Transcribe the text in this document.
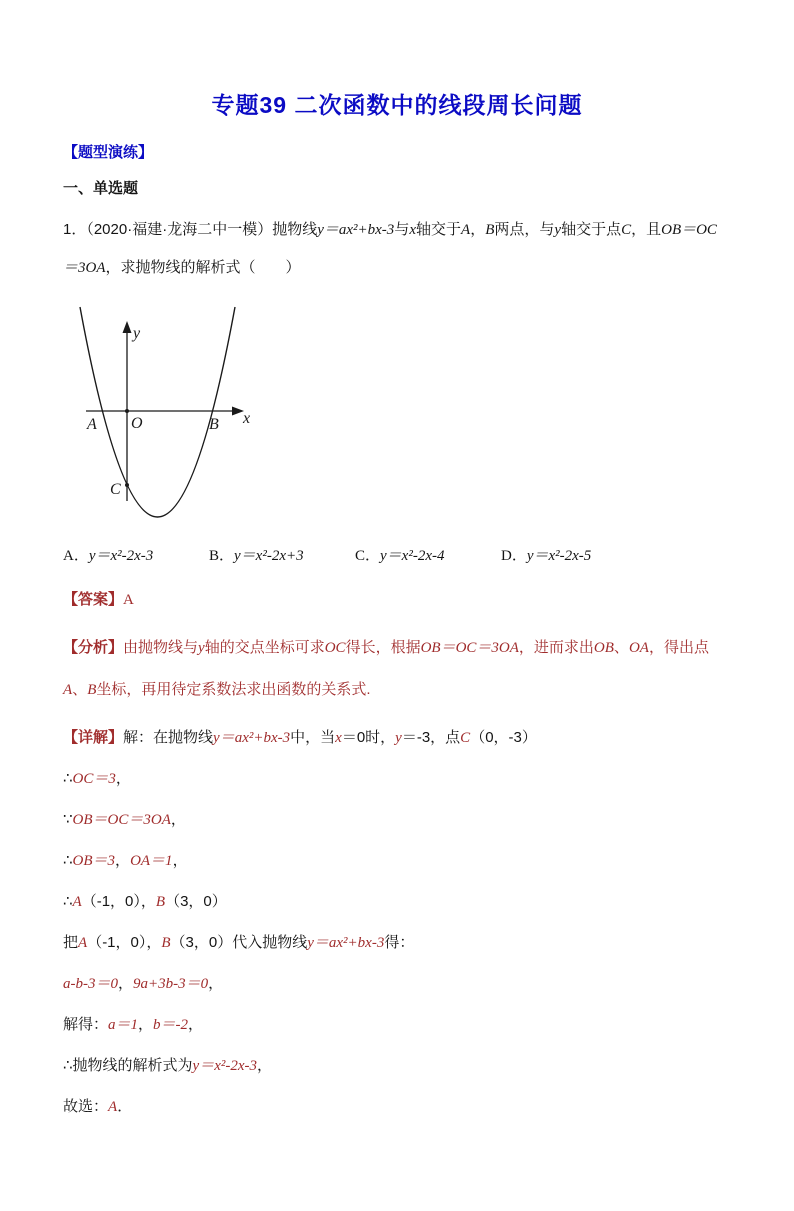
专题39 二次函数中的线段周长问题
【题型演练】
一、单选题

1．（2020·福建·龙海二中一模）抛物线y＝ax²+bx-3与x轴交于A，B两点，与y轴交于点C，且OB＝OC＝3OA，求抛物线的解析式（　　）

y
x
A O	B
C
A．y＝x²-2x-3	B．y＝x²-2x+3	C．y＝x²-2x-4	D．y＝x²-2x-5

【答案】A

【分析】由抛物线与y轴的交点坐标可求OC得长，根据OB＝OC＝3OA，进而求出OB、OA，得出点A、B坐标，再用待定系数法求出函数的关系式.

【详解】解：在抛物线y＝ax²+bx-3中，当x＝0时，y＝-3，点C（0，-3）

∴OC＝3，

∵OB＝OC＝3OA，

∴OB＝3，OA＝1，

∴A（-1，0），B（3，0）

把A（-1，0），B（3，0）代入抛物线y＝ax²+bx-3得：

a-b-3＝0，9a+3b-3＝0，

解得：a＝1，b＝-2，

∴抛物线的解析式为y＝x²-2x-3，

故选：A．
